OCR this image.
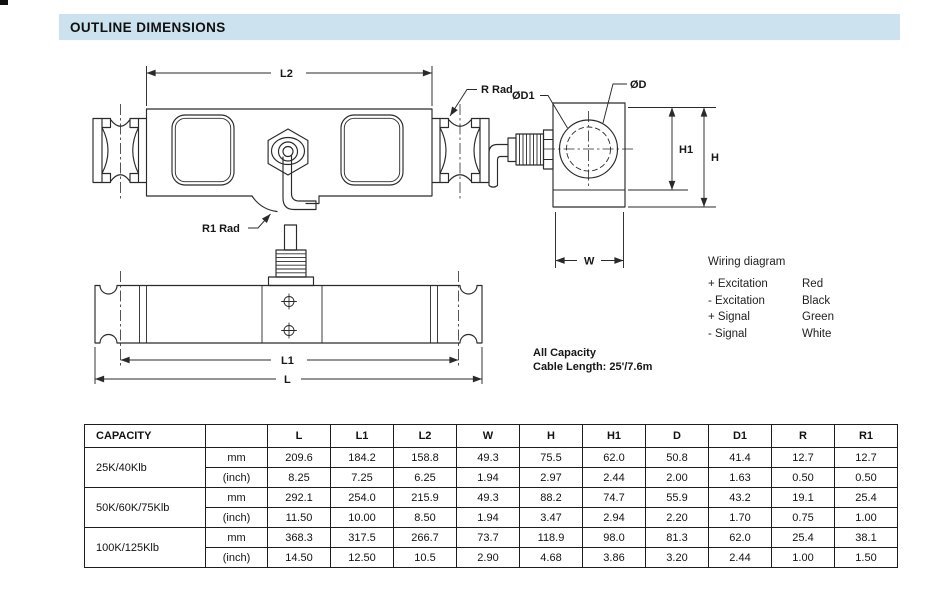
OUTLINE DIMENSIONS
L2
R Rad
R1 Rad
ØD1
ØD
H1
H
W
L1
L
Wiring diagram
+ Excitation	Red
- Excitation	Black
+ Signal	Green
- Signal	White
All Capacity
Cable Length: 25'/7.6m
CAPACITY		L	L1	L2	W	H	H1	D	D1	R	R1
25K/40Klb	mm	209.6	184.2	158.8	49.3	75.5	62.0	50.8	41.4	12.7	12.7
	(inch)	8.25	7.25	6.25	1.94	2.97	2.44	2.00	1.63	0.50	0.50
50K/60K/75Klb	mm	292.1	254.0	215.9	49.3	88.2	74.7	55.9	43.2	19.1	25.4
	(inch)	11.50	10.00	8.50	1.94	3.47	2.94	2.20	1.70	0.75	1.00
100K/125Klb	mm	368.3	317.5	266.7	73.7	118.9	98.0	81.3	62.0	25.4	38.1
	(inch)	14.50	12.50	10.5	2.90	4.68	3.86	3.20	2.44	1.00	1.50
